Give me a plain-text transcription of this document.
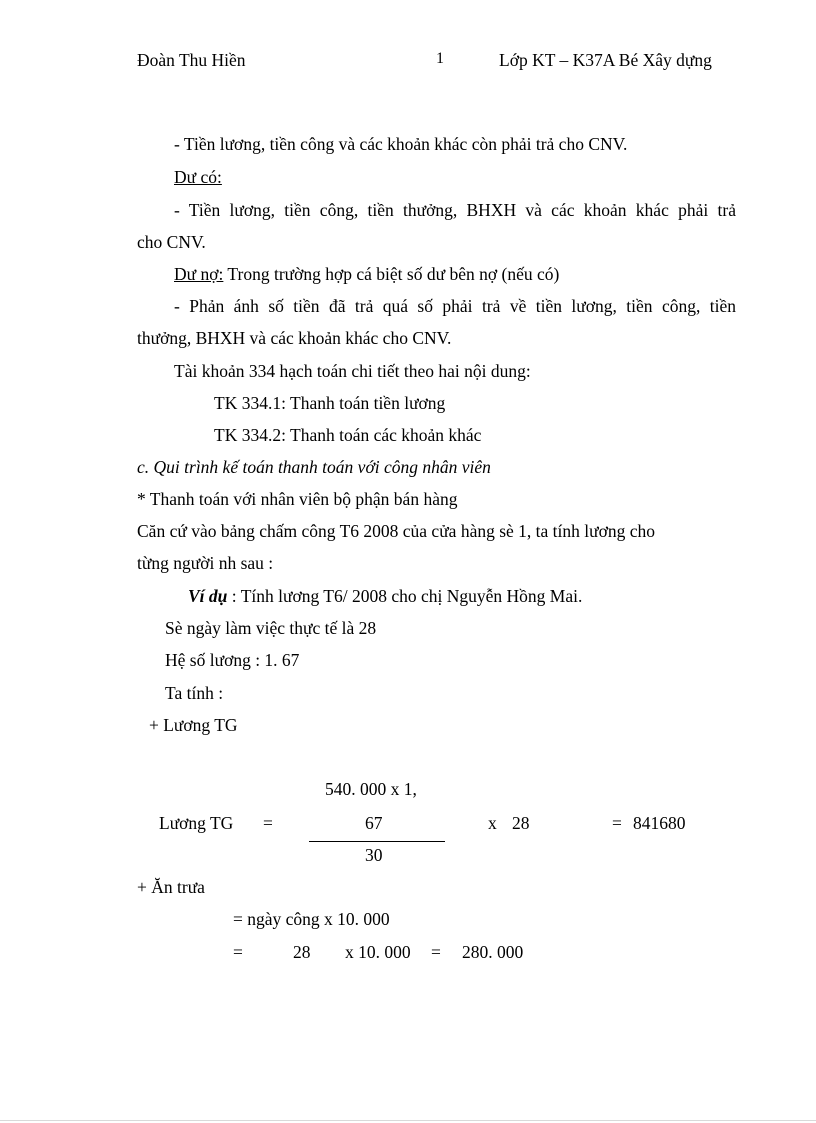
Đoàn Thu Hiền	1	Lớp KT – K37A Bé Xây dựng
- Tiền lương, tiền công và các khoản khác còn phải trả cho CNV.
Dư có:
- Tiền lương, tiền công, tiền thưởng, BHXH và các khoản khác phải trả
cho CNV.
Dư nợ: Trong trường hợp cá biệt số dư bên nợ (nếu có)
- Phản ánh số tiền đã trả quá số phải trả về tiền lương, tiền công, tiền
thưởng, BHXH và các khoản khác cho CNV.
Tài khoản 334 hạch toán chi tiết theo hai nội dung:
TK 334.1: Thanh toán tiền lương
TK 334.2: Thanh toán các khoản khác
c. Qui trình kế toán thanh toán với công nhân viên
* Thanh toán với nhân viên bộ phận bán hàng
Căn cứ vào bảng chấm công T6 2008 của cửa hàng sè 1, ta tính lương cho
từng người nh sau :
Ví dụ : Tính lương T6/ 2008 cho chị Nguyễn Hồng Mai.
Sè ngày làm việc thực tế là 28
Hệ số lương : 1. 67
Ta tính :
+ Lương TG
540. 000 x 1,
Lương TG =	67	x 28	= 841680
30
+ Ăn trưa
= ngày công x 10. 000
=	28 x 10. 000 = 280. 000
